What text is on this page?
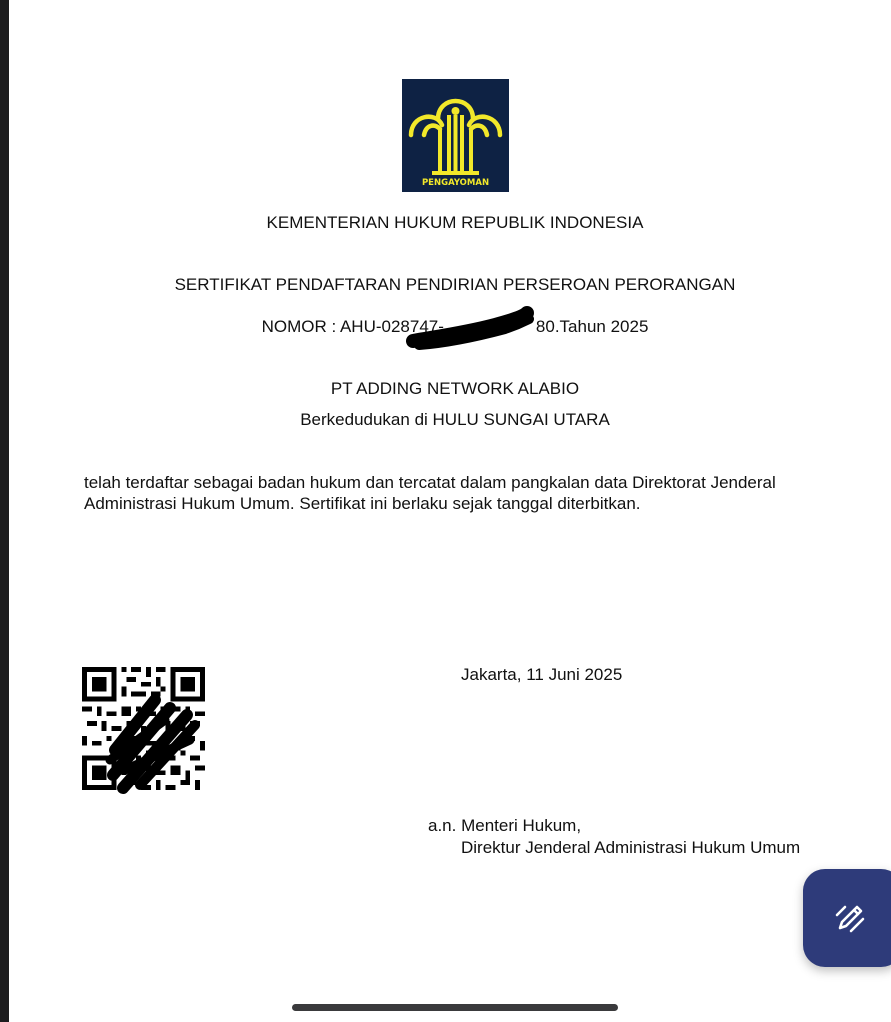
PENGAYOMAN
KEMENTERIAN HUKUM REPUBLIK INDONESIA
SERTIFIKAT PENDAFTARAN PENDIRIAN PERSEROAN PERORANGAN
NOMOR : AHU-028747-	80.Tahun 2025
PT ADDING NETWORK ALABIO
Berkedudukan di HULU SUNGAI UTARA
telah terdaftar sebagai badan hukum dan tercatat dalam pangkalan data Direktorat Jenderal Administrasi Hukum Umum. Sertifikat ini berlaku sejak tanggal diterbitkan.
Jakarta, 11 Juni 2025
a.n. Menteri Hukum,
Direktur Jenderal Administrasi Hukum Umum
